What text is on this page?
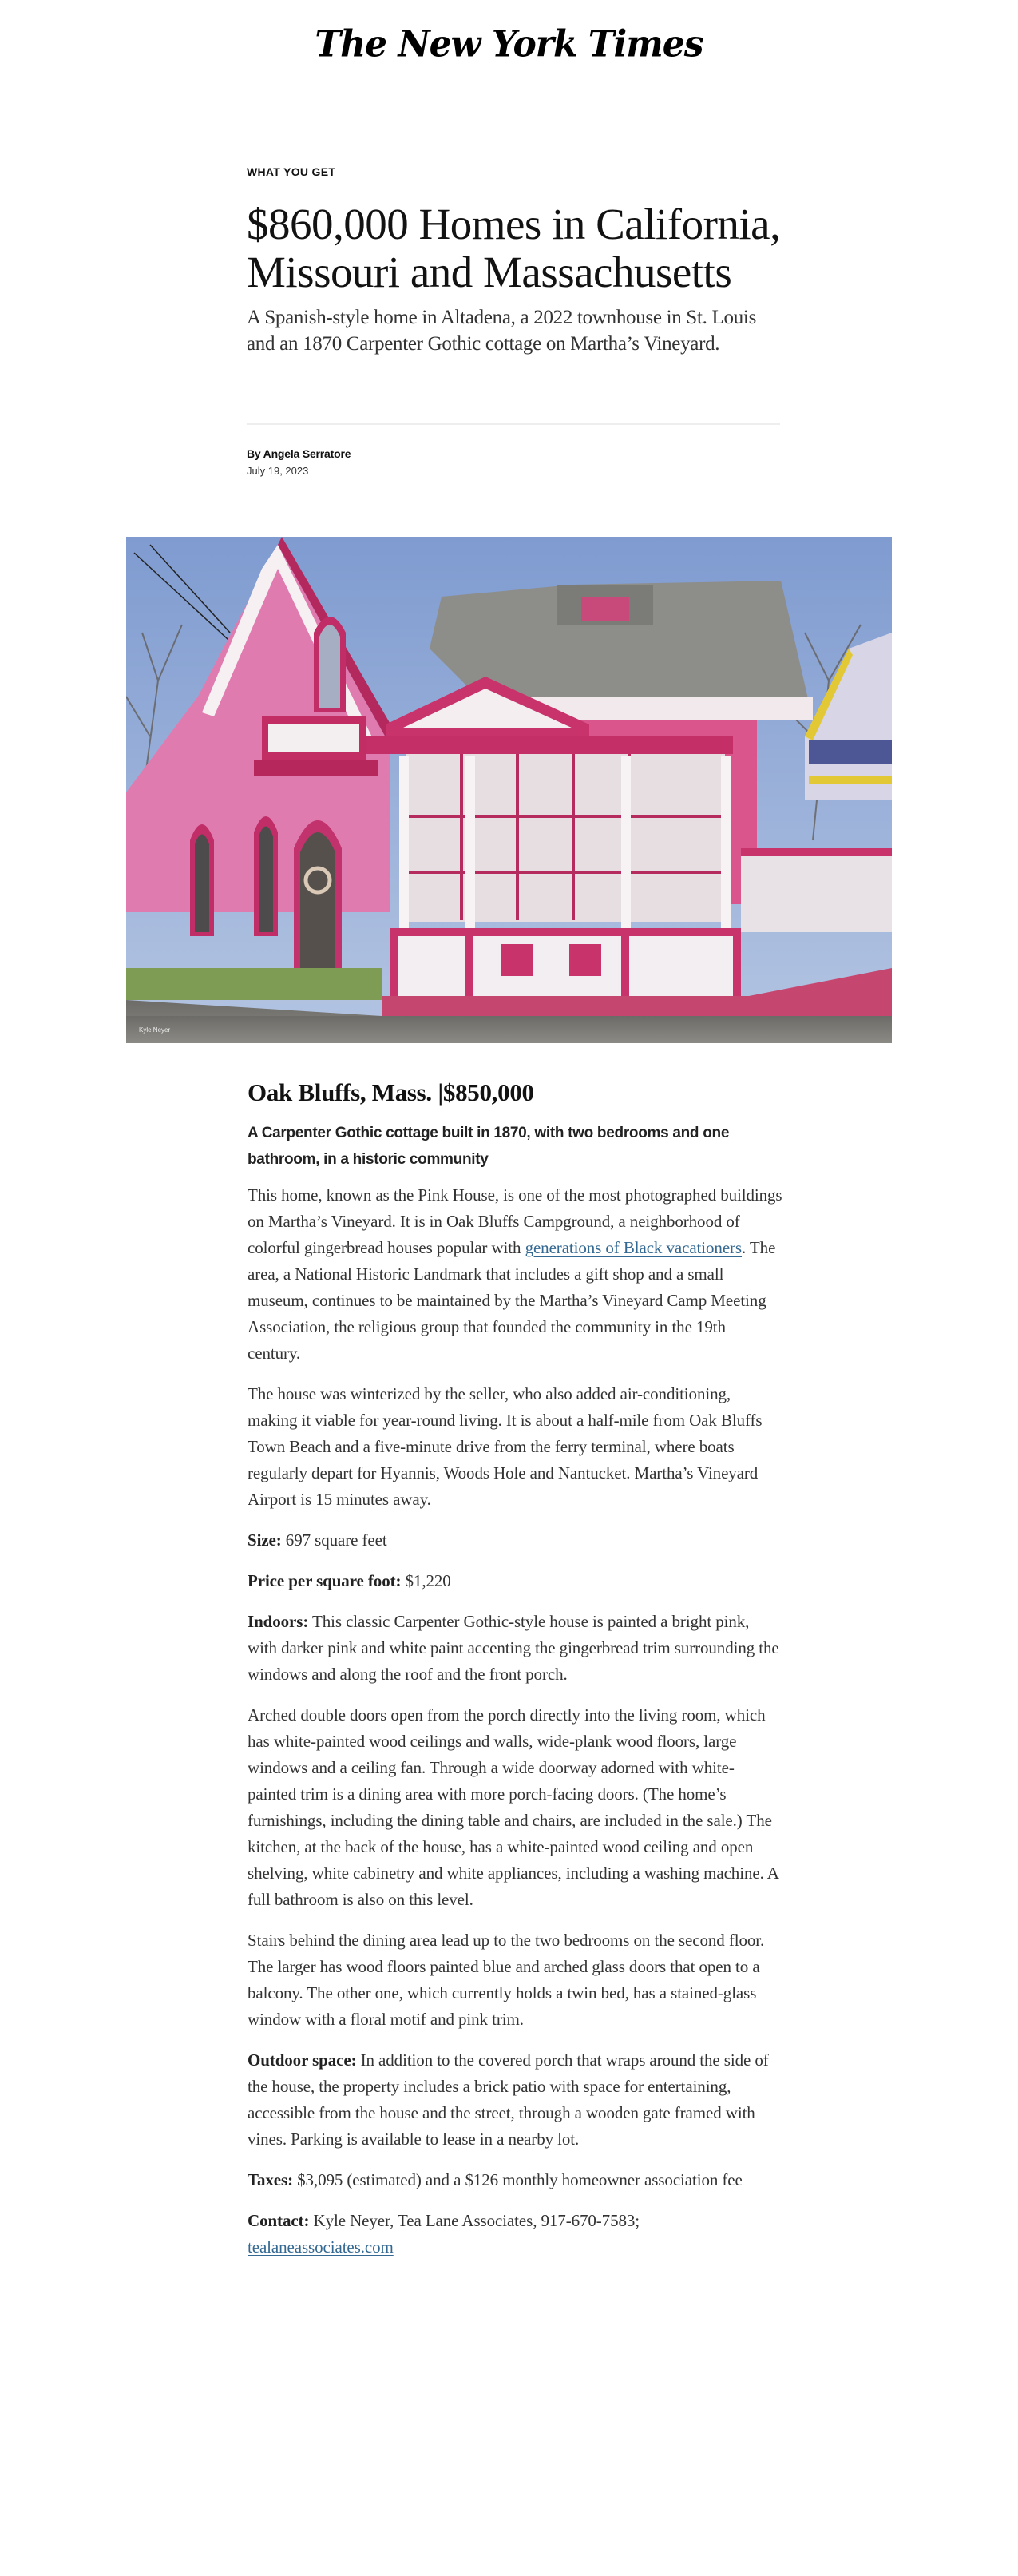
The New York Times
WHAT YOU GET
$860,000 Homes in California, Missouri and Massachusetts

A Spanish-style home in Altadena, a 2022 townhouse in St. Louis and an 1870 Carpenter Gothic cottage on Martha’s Vineyard.

By Angela Serratore
July 19, 2023
Kyle Neyer
Oak Bluffs, Mass. |$850,000

A Carpenter Gothic cottage built in 1870, with two bedrooms and one bathroom, in a historic community

This home, known as the Pink House, is one of the most photographed buildings on Martha’s Vineyard. It is in Oak Bluffs Campground, a neighborhood of colorful gingerbread houses popular with generations of Black vacationers. The area, a National Historic Landmark that includes a gift shop and a small museum, continues to be maintained by the Martha’s Vineyard Camp Meeting Association, the religious group that founded the community in the 19th century.

The house was winterized by the seller, who also added air-conditioning, making it viable for year-round living. It is about a half-mile from Oak Bluffs Town Beach and a five-minute drive from the ferry terminal, where boats regularly depart for Hyannis, Woods Hole and Nantucket. Martha’s Vineyard Airport is 15 minutes away.

Size: 697 square feet

Price per square foot: $1,220

Indoors: This classic Carpenter Gothic-style house is painted a bright pink, with darker pink and white paint accenting the gingerbread trim surrounding the windows and along the roof and the front porch.

Arched double doors open from the porch directly into the living room, which has white-painted wood ceilings and walls, wide-plank wood floors, large windows and a ceiling fan. Through a wide doorway adorned with white-painted trim is a dining area with more porch-facing doors. (The home’s furnishings, including the dining table and chairs, are included in the sale.) The kitchen, at the back of the house, has a white-painted wood ceiling and open shelving, white cabinetry and white appliances, including a washing machine. A full bathroom is also on this level.

Stairs behind the dining area lead up to the two bedrooms on the second floor. The larger has wood floors painted blue and arched glass doors that open to a balcony. The other one, which currently holds a twin bed, has a stained-glass window with a floral motif and pink trim.

Outdoor space: In addition to the covered porch that wraps around the side of the house, the property includes a brick patio with space for entertaining, accessible from the house and the street, through a wooden gate framed with vines. Parking is available to lease in a nearby lot.

Taxes: $3,095 (estimated) and a $126 monthly homeowner association fee

Contact: Kyle Neyer, Tea Lane Associates, 917-670-7583; tealaneassociates.com
